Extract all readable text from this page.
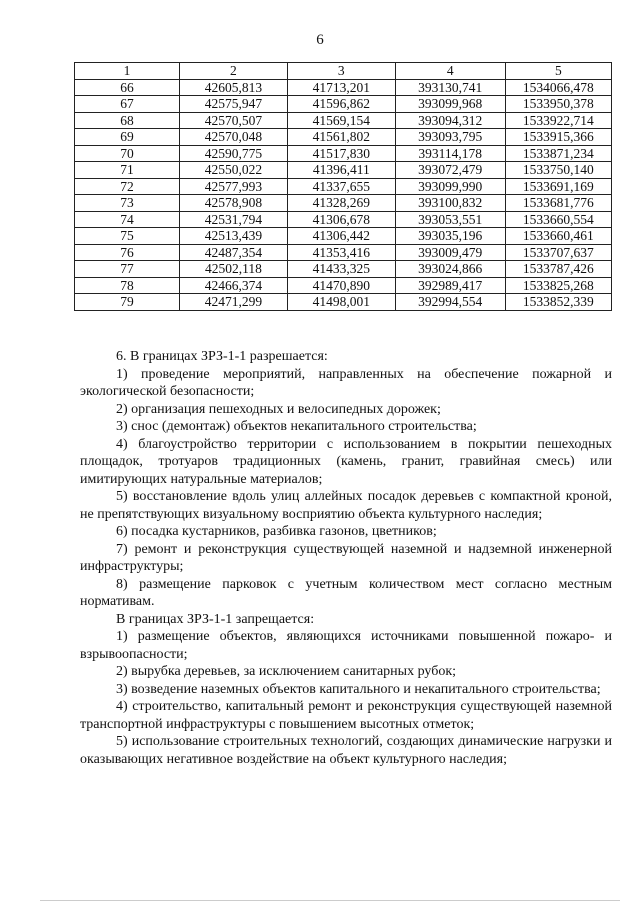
6
1	2	3	4	5
66	42605,813	41713,201	393130,741	1534066,478
67	42575,947	41596,862	393099,968	1533950,378
68	42570,507	41569,154	393094,312	1533922,714
69	42570,048	41561,802	393093,795	1533915,366
70	42590,775	41517,830	393114,178	1533871,234
71	42550,022	41396,411	393072,479	1533750,140
72	42577,993	41337,655	393099,990	1533691,169
73	42578,908	41328,269	393100,832	1533681,776
74	42531,794	41306,678	393053,551	1533660,554
75	42513,439	41306,442	393035,196	1533660,461
76	42487,354	41353,416	393009,479	1533707,637
77	42502,118	41433,325	393024,866	1533787,426
78	42466,374	41470,890	392989,417	1533825,268
79	42471,299	41498,001	392994,554	1533852,339

6. В границах ЗРЗ-1-1 разрешается:

1) проведение мероприятий, направленных на обеспечение пожарной и экологической безопасности;

2) организация пешеходных и велосипедных дорожек;

3) снос (демонтаж) объектов некапитального строительства;

4) благоустройство территории с использованием в покрытии пешеходных площадок, тротуаров традиционных (камень, гранит, гравийная смесь) или имитирующих натуральные материалов;

5) восстановление вдоль улиц аллейных посадок деревьев с компактной кроной, не препятствующих визуальному восприятию объекта культурного наследия;

6) посадка кустарников, разбивка газонов, цветников;

7) ремонт и реконструкция существующей наземной и надземной инженерной инфраструктуры;

8) размещение парковок с учетным количеством мест согласно местным нормативам.

В границах ЗРЗ-1-1 запрещается:

1) размещение объектов, являющихся источниками повышенной пожаро- и взрывоопасности;

2) вырубка деревьев, за исключением санитарных рубок;

3) возведение наземных объектов капитального и некапитального строительства;

4) строительство, капитальный ремонт и реконструкция существующей наземной транспортной инфраструктуры с повышением высотных отметок;

5) использование строительных технологий, создающих динамические нагрузки и оказывающих негативное воздействие на объект культурного наследия;
